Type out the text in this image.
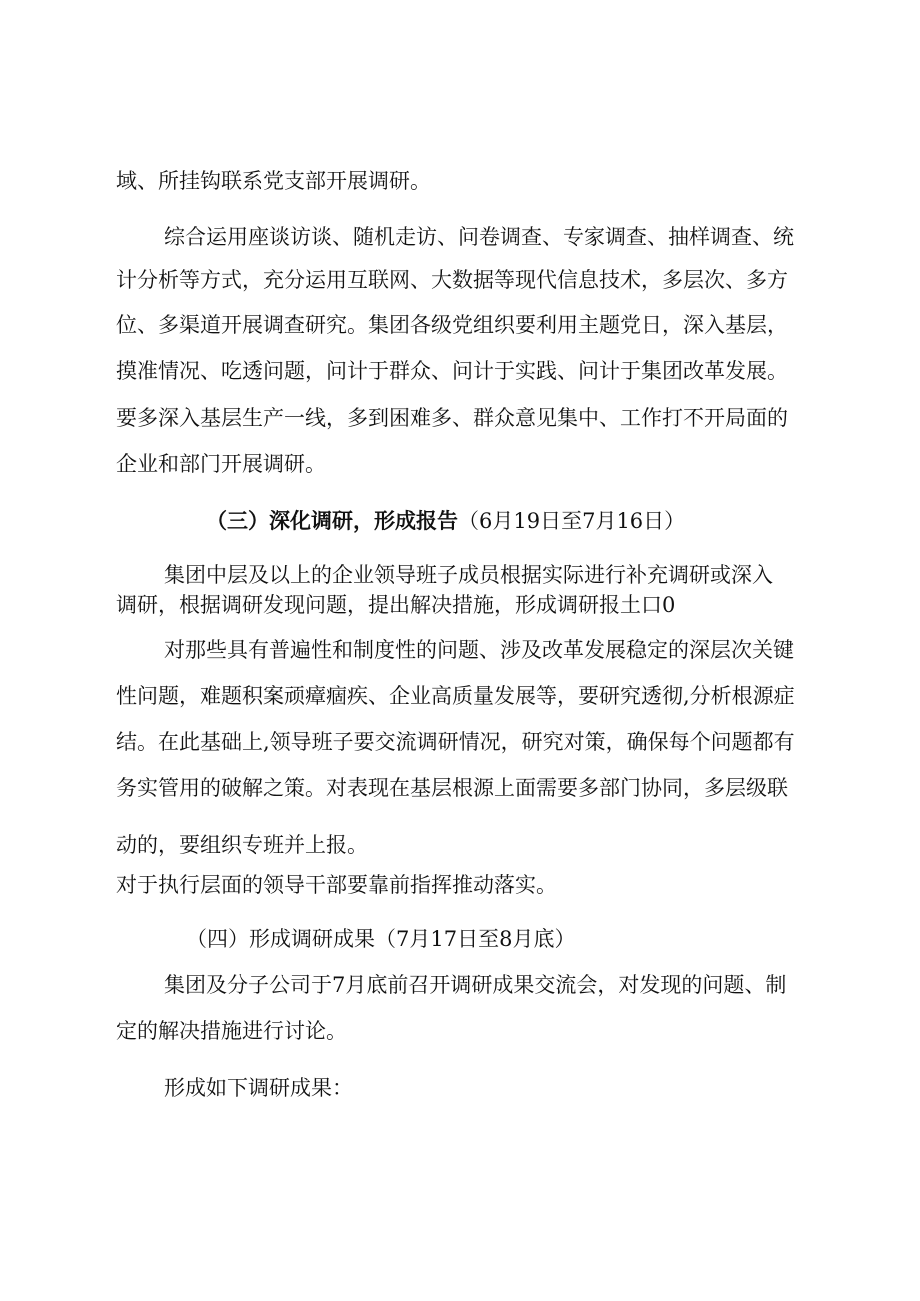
域、所挂钩联系党支部开展调研。
综合运用座谈访谈、随机走访、问卷调查、专家调查、抽样调查、统
计分析等方式，充分运用互联网、大数据等现代信息技术，多层次、多方
位、多渠道开展调查研究。集团各级党组织要利用主题党日，深入基层，
摸准情况、吃透问题，问计于群众、问计于实践、问计于集团改革发展。
要多深入基层生产一线，多到困难多、群众意见集中、工作打不开局面的
企业和部门开展调研。
（三）深化调研，形成报告（6月19日至7月16日）
集团中层及以上的企业领导班子成员根据实际进行补充调研或深入
调研，根据调研发现问题，提出解决措施，形成调研报土口0
对那些具有普遍性和制度性的问题、涉及改革发展稳定的深层次关键
性问题，难题积案顽瘴痼疾、企业高质量发展等，要研究透彻,分析根源症
结。在此基础上,领导班子要交流调研情况，研究对策，确保每个问题都有
务实管用的破解之策。对表现在基层根源上面需要多部门协同，多层级联
动的，要组织专班并上报。
对于执行层面的领导干部要靠前指挥推动落实。
（四）形成调研成果（7月17日至8月底）
集团及分子公司于7月底前召开调研成果交流会，对发现的问题、制
定的解决措施进行讨论。
形成如下调研成果：
